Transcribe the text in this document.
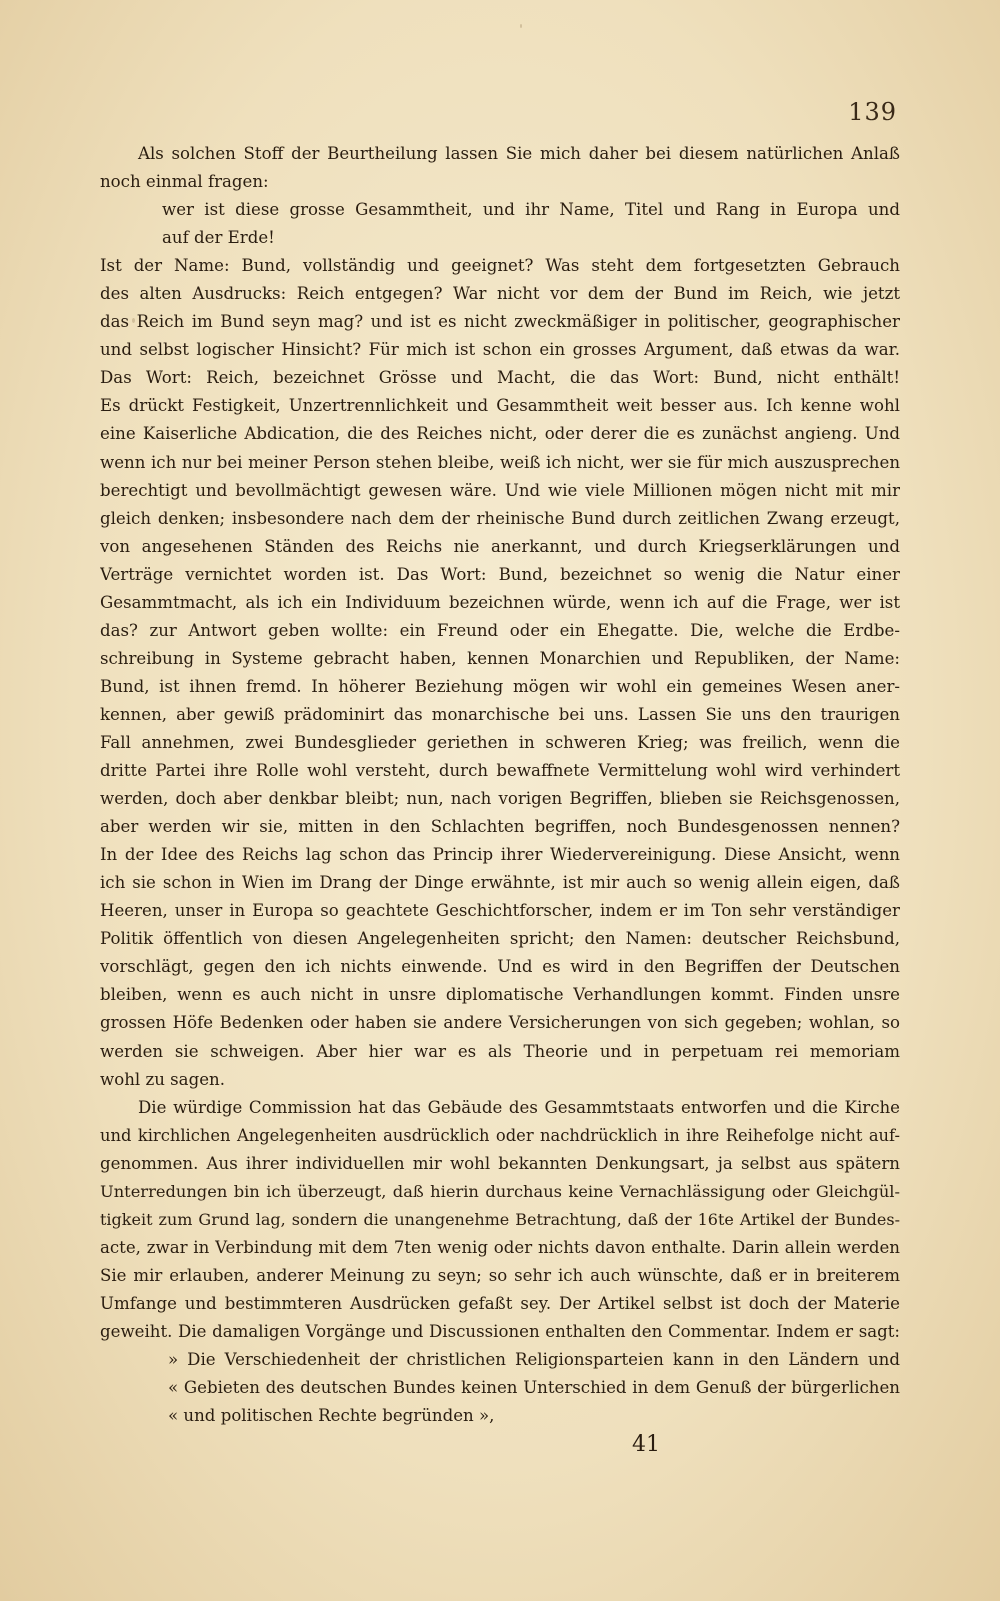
139
Als solchen Stoff der Beurtheilung lassen Sie mich daher bei diesem natürlichen Anlaß
noch einmal fragen:
wer ist diese grosse Gesammtheit, und ihr Name, Titel und Rang in Europa und
auf der Erde!
Ist der Name: Bund, vollständig und geeignet? Was steht dem fortgesetzten Gebrauch
des alten Ausdrucks: Reich entgegen? War nicht vor dem der Bund im Reich, wie jetzt
das Reich im Bund seyn mag? und ist es nicht zweckmäßiger in politischer, geographischer
und selbst logischer Hinsicht? Für mich ist schon ein grosses Argument, daß etwas da war.
Das Wort: Reich, bezeichnet Grösse und Macht, die das Wort: Bund, nicht enthält!
Es drückt Festigkeit, Unzertrennlichkeit und Gesammtheit weit besser aus. Ich kenne wohl
eine Kaiserliche Abdication, die des Reiches nicht, oder derer die es zunächst angieng. Und
wenn ich nur bei meiner Person stehen bleibe, weiß ich nicht, wer sie für mich auszusprechen
berechtigt und bevollmächtigt gewesen wäre. Und wie viele Millionen mögen nicht mit mir
gleich denken; insbesondere nach dem der rheinische Bund durch zeitlichen Zwang erzeugt,
von angesehenen Ständen des Reichs nie anerkannt, und durch Kriegserklärungen und
Verträge vernichtet worden ist. Das Wort: Bund, bezeichnet so wenig die Natur einer
Gesammtmacht, als ich ein Individuum bezeichnen würde, wenn ich auf die Frage, wer ist
das? zur Antwort geben wollte: ein Freund oder ein Ehegatte. Die, welche die Erdbe-
schreibung in Systeme gebracht haben, kennen Monarchien und Republiken, der Name:
Bund, ist ihnen fremd. In höherer Beziehung mögen wir wohl ein gemeines Wesen aner-
kennen, aber gewiß prädominirt das monarchische bei uns. Lassen Sie uns den traurigen
Fall annehmen, zwei Bundesglieder geriethen in schweren Krieg; was freilich, wenn die
dritte Partei ihre Rolle wohl versteht, durch bewaffnete Vermittelung wohl wird verhindert
werden, doch aber denkbar bleibt; nun, nach vorigen Begriffen, blieben sie Reichsgenossen,
aber werden wir sie, mitten in den Schlachten begriffen, noch Bundesgenossen nennen?
In der Idee des Reichs lag schon das Princip ihrer Wiedervereinigung. Diese Ansicht, wenn
ich sie schon in Wien im Drang der Dinge erwähnte, ist mir auch so wenig allein eigen, daß
Heeren, unser in Europa so geachtete Geschichtforscher, indem er im Ton sehr verständiger
Politik öffentlich von diesen Angelegenheiten spricht; den Namen: deutscher Reichsbund,
vorschlägt, gegen den ich nichts einwende. Und es wird in den Begriffen der Deutschen
bleiben, wenn es auch nicht in unsre diplomatische Verhandlungen kommt. Finden unsre
grossen Höfe Bedenken oder haben sie andere Versicherungen von sich gegeben; wohlan, so
werden sie schweigen. Aber hier war es als Theorie und in perpetuam rei memoriam
wohl zu sagen.
Die würdige Commission hat das Gebäude des Gesammtstaats entworfen und die Kirche
und kirchlichen Angelegenheiten ausdrücklich oder nachdrücklich in ihre Reihefolge nicht auf-
genommen. Aus ihrer individuellen mir wohl bekannten Denkungsart, ja selbst aus spätern
Unterredungen bin ich überzeugt, daß hierin durchaus keine Vernachlässigung oder Gleichgül-
tigkeit zum Grund lag, sondern die unangenehme Betrachtung, daß der 16te Artikel der Bundes-
acte, zwar in Verbindung mit dem 7ten wenig oder nichts davon enthalte. Darin allein werden
Sie mir erlauben, anderer Meinung zu seyn; so sehr ich auch wünschte, daß er in breiterem
Umfange und bestimmteren Ausdrücken gefaßt sey. Der Artikel selbst ist doch der Materie
geweiht. Die damaligen Vorgänge und Discussionen enthalten den Commentar. Indem er sagt:
» Die Verschiedenheit der christlichen Religionsparteien kann in den Ländern und
« Gebieten des deutschen Bundes keinen Unterschied in dem Genuß der bürgerlichen
« und politischen Rechte begründen »,
41
